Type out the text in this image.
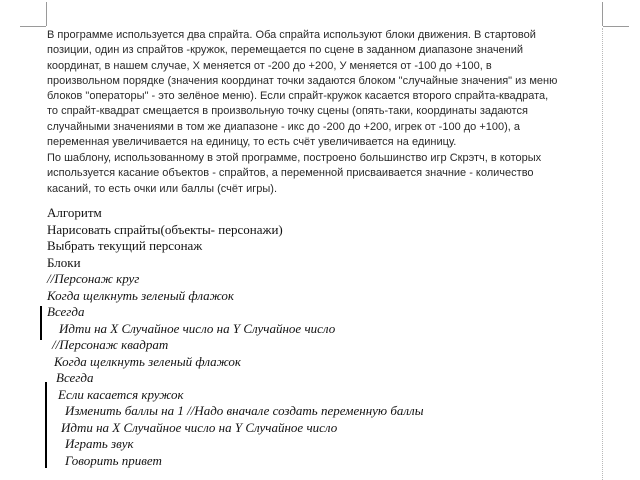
В программе используется два спрайта. Оба спрайта используют блоки движения. В стартовой
позиции, один из спрайтов -кружок, перемещается по сцене в заданном диапазоне значений
координат, в нашем случае, Х меняется от -200 до +200, У меняется от -100 до +100, в
произвольном порядке (значения координат точки задаются блоком "случайные значения" из меню
блоков "операторы" - это зелёное меню). Если спрайт-кружок касается второго спрайта-квадрата,
то спрайт-квадрат смещается в произвольную точку сцены (опять-таки, координаты задаются
случайными значениями в том же диапазоне - икс до -200 до +200, игрек от -100 до +100), а
переменная увеличивается на единицу, то есть счёт увеличивается на единицу.
По шаблону, использованному в этой программе, построено большинство игр Скрэтч, в которых
используется касание объектов - спрайтов, а переменной присваивается значние - количество
касаний, то есть очки или баллы (счёт игры).
Алгоритм
Нарисовать спрайты(объекты- персонажи)
Выбрать текущий персонаж
Блоки
//Персонаж круг
Когда щелкнуть зеленый флажок
Всегда
Идти на X Случайное число на Y Случайное число
//Персонаж квадрат
Когда щелкнуть зеленый флажок
Всегда
Если касается кружок
Изменить баллы на 1 //Надо вначале создать переменную баллы
Идти на X Случайное число на Y Случайное число
Играть звук
Говорить привет
